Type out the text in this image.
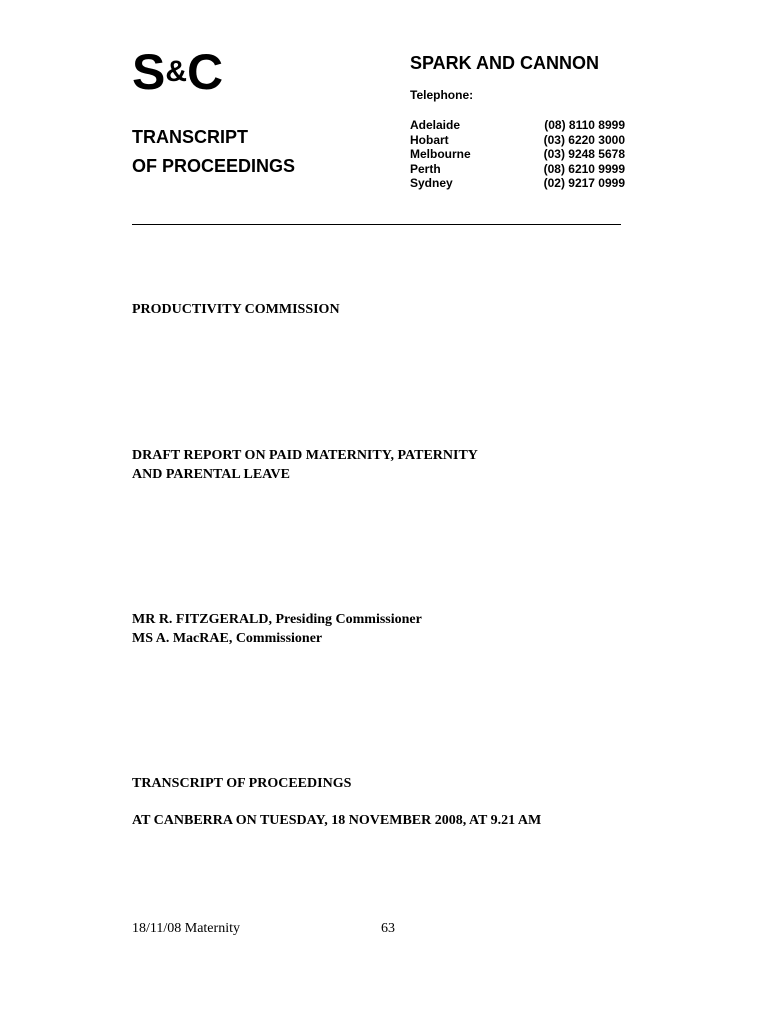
S&C
TRANSCRIPT
OF PROCEEDINGS
SPARK AND CANNON
Telephone:
Adelaide	(08) 8110 8999
Hobart	(03) 6220 3000
Melbourne	(03) 9248 5678
Perth	(08) 6210 9999
Sydney	(02) 9217 0999
PRODUCTIVITY COMMISSION
DRAFT REPORT ON PAID MATERNITY, PATERNITY
AND PARENTAL LEAVE
MR R. FITZGERALD, Presiding Commissioner
MS A. MacRAE, Commissioner
TRANSCRIPT OF PROCEEDINGS
AT CANBERRA ON TUESDAY, 18 NOVEMBER 2008, AT 9.21 AM
18/11/08 Maternity	63
